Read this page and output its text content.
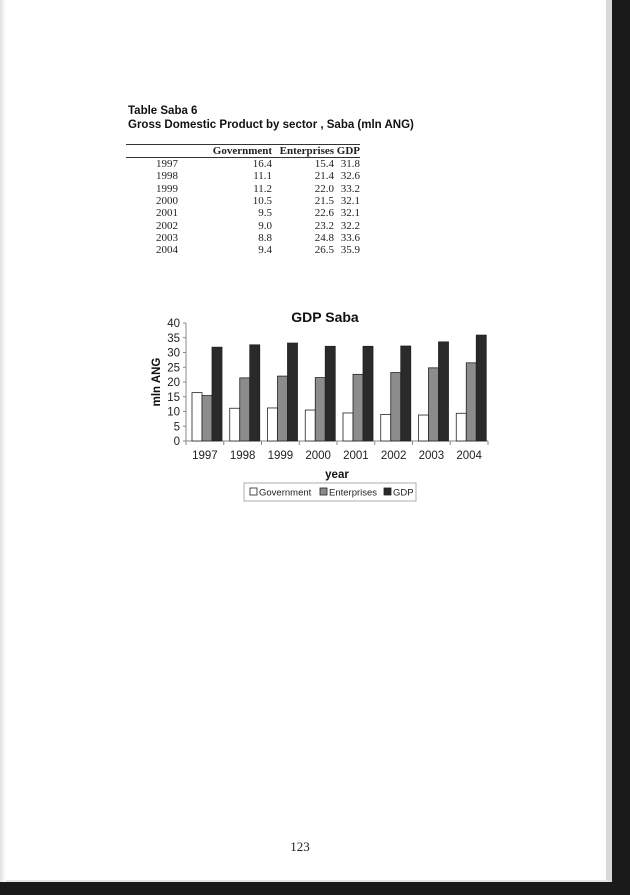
Table Saba 6
Gross Domestic Product by sector , Saba (mln ANG)
	Government	Enterprises	GDP
1997	16.4	15.4	31.8
1998	11.1	21.4	32.6
1999	11.2	22.0	33.2
2000	10.5	21.5	32.1
2001	9.5	22.6	32.1
2002	9.0	23.2	32.2
2003	8.8	24.8	33.6
2004	9.4	26.5	35.9
GDP Saba
0
5
10
15
20
25
30
35
40
mln ANG
1997 1998 1999 2000 2001 2002 2003 2004
year
Government Enterprises GDP
123
